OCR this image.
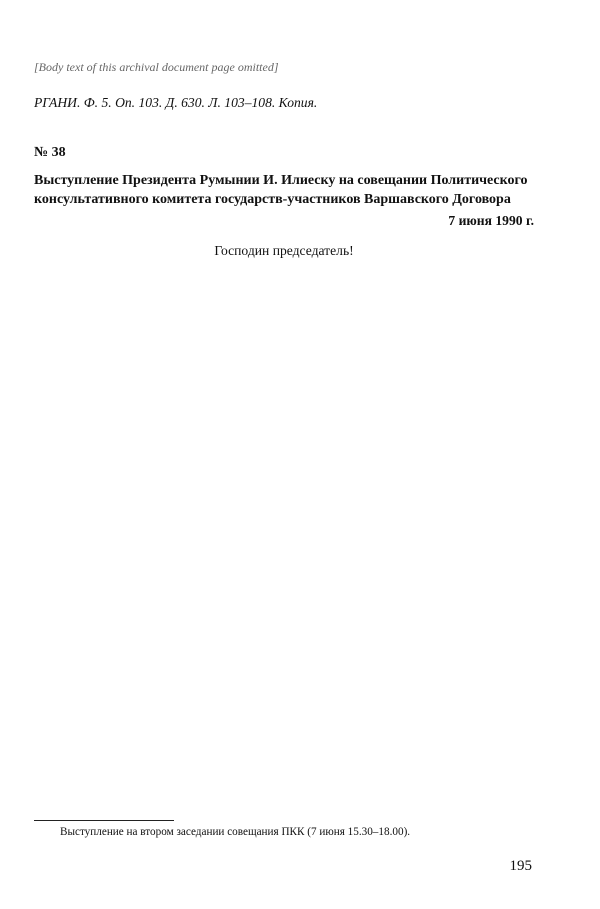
[Body text of this archival document page omitted]

РГАНИ. Ф. 5. Оп. 103. Д. 630. Л. 103–108. Копия.
№ 38
Выступление Президента Румынии И. Илиеску на совещании Политического консультативного комитета государств-участников Варшавского Договора
7 июня 1990 г.
Господин председатель!
Выступление на втором заседании совещания ПКК (7 июня 15.30–18.00).
195
